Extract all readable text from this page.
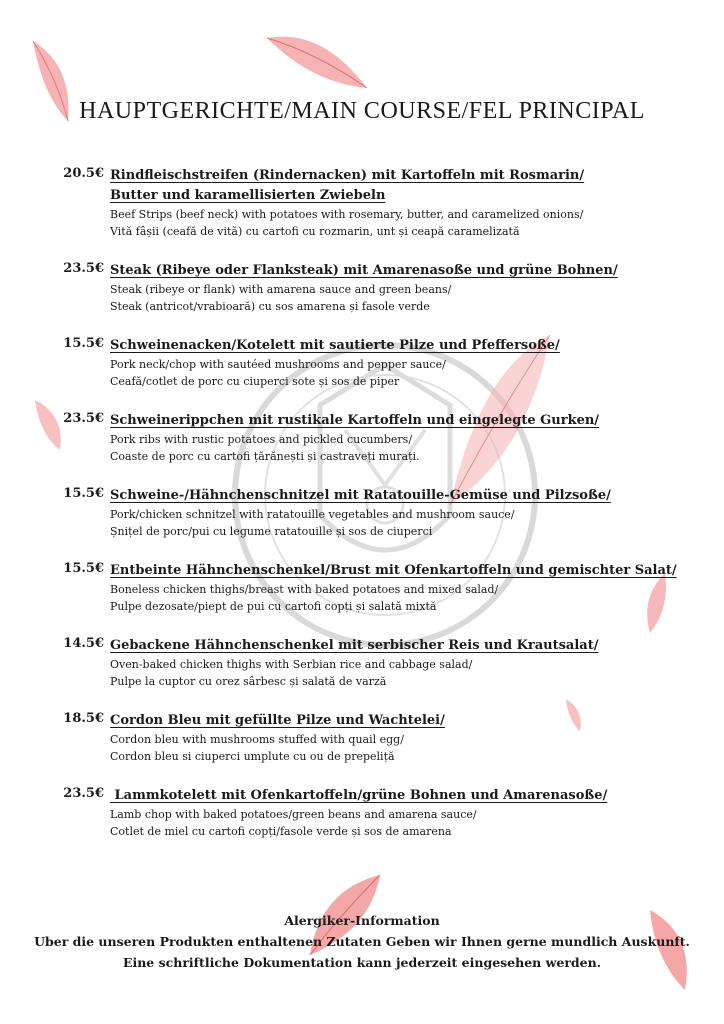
HAUPTGERICHTE/MAIN COURSE/FEL PRINCIPAL
20.5€ Rindfleischstreifen (Rindernacken) mit Kartoffeln mit Rosmarin/
Butter und karamellisierten Zwiebeln
Beef Strips (beef neck) with potatoes with rosemary, butter, and caramelized onions/
Vită fâșii (ceafă de vită) cu cartofi cu rozmarin, unt și ceapă caramelizată
23.5€ Steak (Ribeye oder Flanksteak) mit Amarenasoße und grüne Bohnen/
Steak (ribeye or flank) with amarena sauce and green beans/
Steak (antricot/vrabioară) cu sos amarena și fasole verde
15.5€ Schweinenacken/Kotelett mit sautierte Pilze und Pfeffersoße/
Pork neck/chop with sautéed mushrooms and pepper sauce/
Ceafă/cotlet de porc cu ciuperci sote și sos de piper
23.5€ Schweinerippchen mit rustikale Kartoffeln und eingelegte Gurken/
Pork ribs with rustic potatoes and pickled cucumbers/
Coaste de porc cu cartofi țărănești și castraveți murați.
15.5€ Schweine-/Hähnchenschnitzel mit Ratatouille-Gemüse und Pilzsoße/
Pork/chicken schnitzel with ratatouille vegetables and mushroom sauce/
Șnițel de porc/pui cu legume ratatouille și sos de ciuperci
15.5€ Entbeinte Hähnchenschenkel/Brust mit Ofenkartoffeln und gemischter Salat/
Boneless chicken thighs/breast with baked potatoes and mixed salad/
Pulpe dezosate/piept de pui cu cartofi copți și salată mixtă
14.5€ Gebackene Hähnchenschenkel mit serbischer Reis und Krautsalat/
Oven-baked chicken thighs with Serbian rice and cabbage salad/
Pulpe la cuptor cu orez sârbesc și salată de varză
18.5€ Cordon Bleu mit gefüllte Pilze und Wachtelei/
Cordon bleu with mushrooms stuffed with quail egg/
Cordon bleu si ciuperci umplute cu ou de prepeliță
23.5€ Lammkotelett mit Ofenkartoffeln/grüne Bohnen und Amarenasoße/
Lamb chop with baked potatoes/green beans and amarena sauce/
Cotlet de miel cu cartofi copți/fasole verde și sos de amarena
Alergiker-Information
Uber die unseren Produkten enthaltenen Zutaten Geben wir Ihnen gerne mundlich Auskunft.
Eine schriftliche Dokumentation kann jederzeit eingesehen werden.
